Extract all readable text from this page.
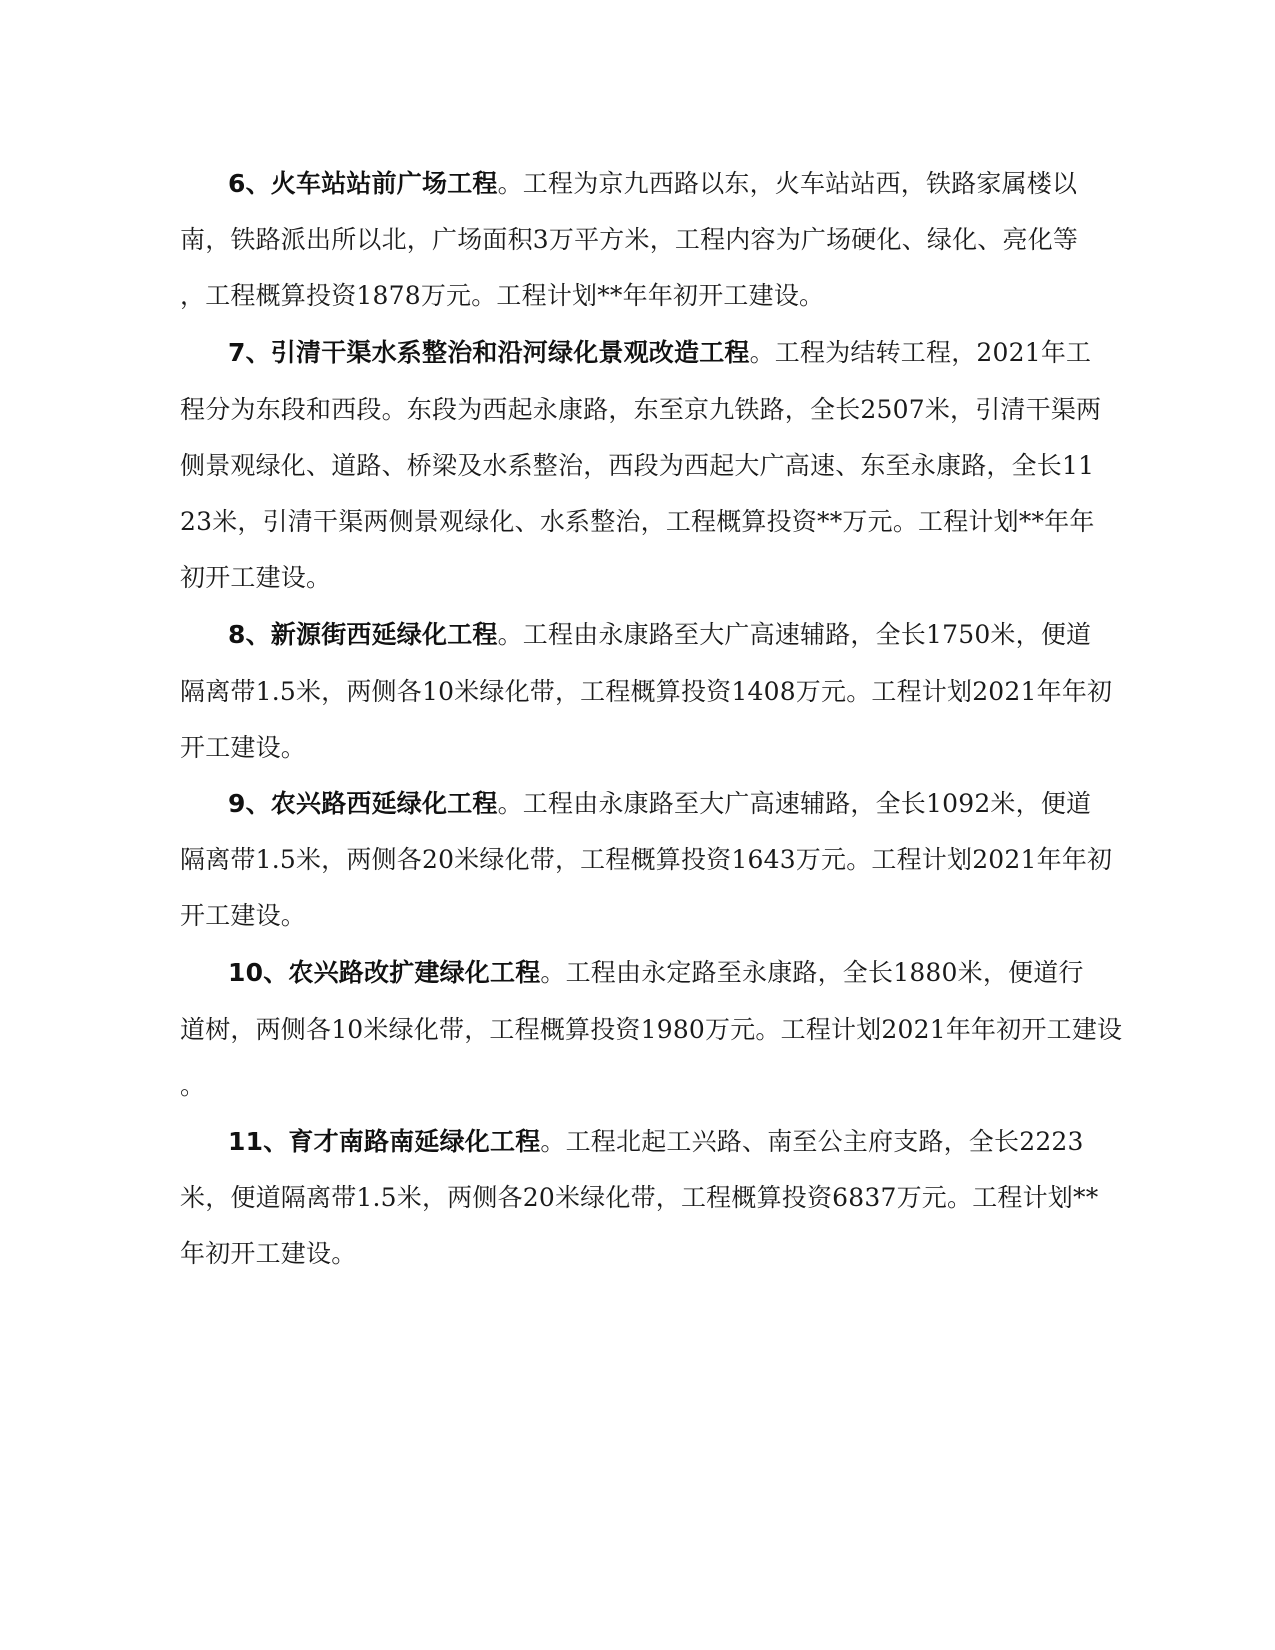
6、火车站站前广场工程。工程为京九西路以东，火车站站西，铁路家属楼以
南，铁路派出所以北，广场面积3万平方米，工程内容为广场硬化、绿化、亮化等
，工程概算投资1878万元。工程计划**年年初开工建设。
7、引清干渠水系整治和沿河绿化景观改造工程。工程为结转工程，2021年工
程分为东段和西段。东段为西起永康路，东至京九铁路，全长2507米，引清干渠两
侧景观绿化、道路、桥梁及水系整治，西段为西起大广高速、东至永康路，全长11
23米，引清干渠两侧景观绿化、水系整治，工程概算投资**万元。工程计划**年年
初开工建设。
8、新源街西延绿化工程。工程由永康路至大广高速辅路，全长1750米，便道
隔离带1.5米，两侧各10米绿化带，工程概算投资1408万元。工程计划2021年年初
开工建设。
9、农兴路西延绿化工程。工程由永康路至大广高速辅路，全长1092米，便道
隔离带1.5米，两侧各20米绿化带，工程概算投资1643万元。工程计划2021年年初
开工建设。
10、农兴路改扩建绿化工程。工程由永定路至永康路，全长1880米，便道行
道树，两侧各10米绿化带，工程概算投资1980万元。工程计划2021年年初开工建设
。
11、育才南路南延绿化工程。工程北起工兴路、南至公主府支路，全长2223
米，便道隔离带1.5米，两侧各20米绿化带，工程概算投资6837万元。工程计划**
年初开工建设。
